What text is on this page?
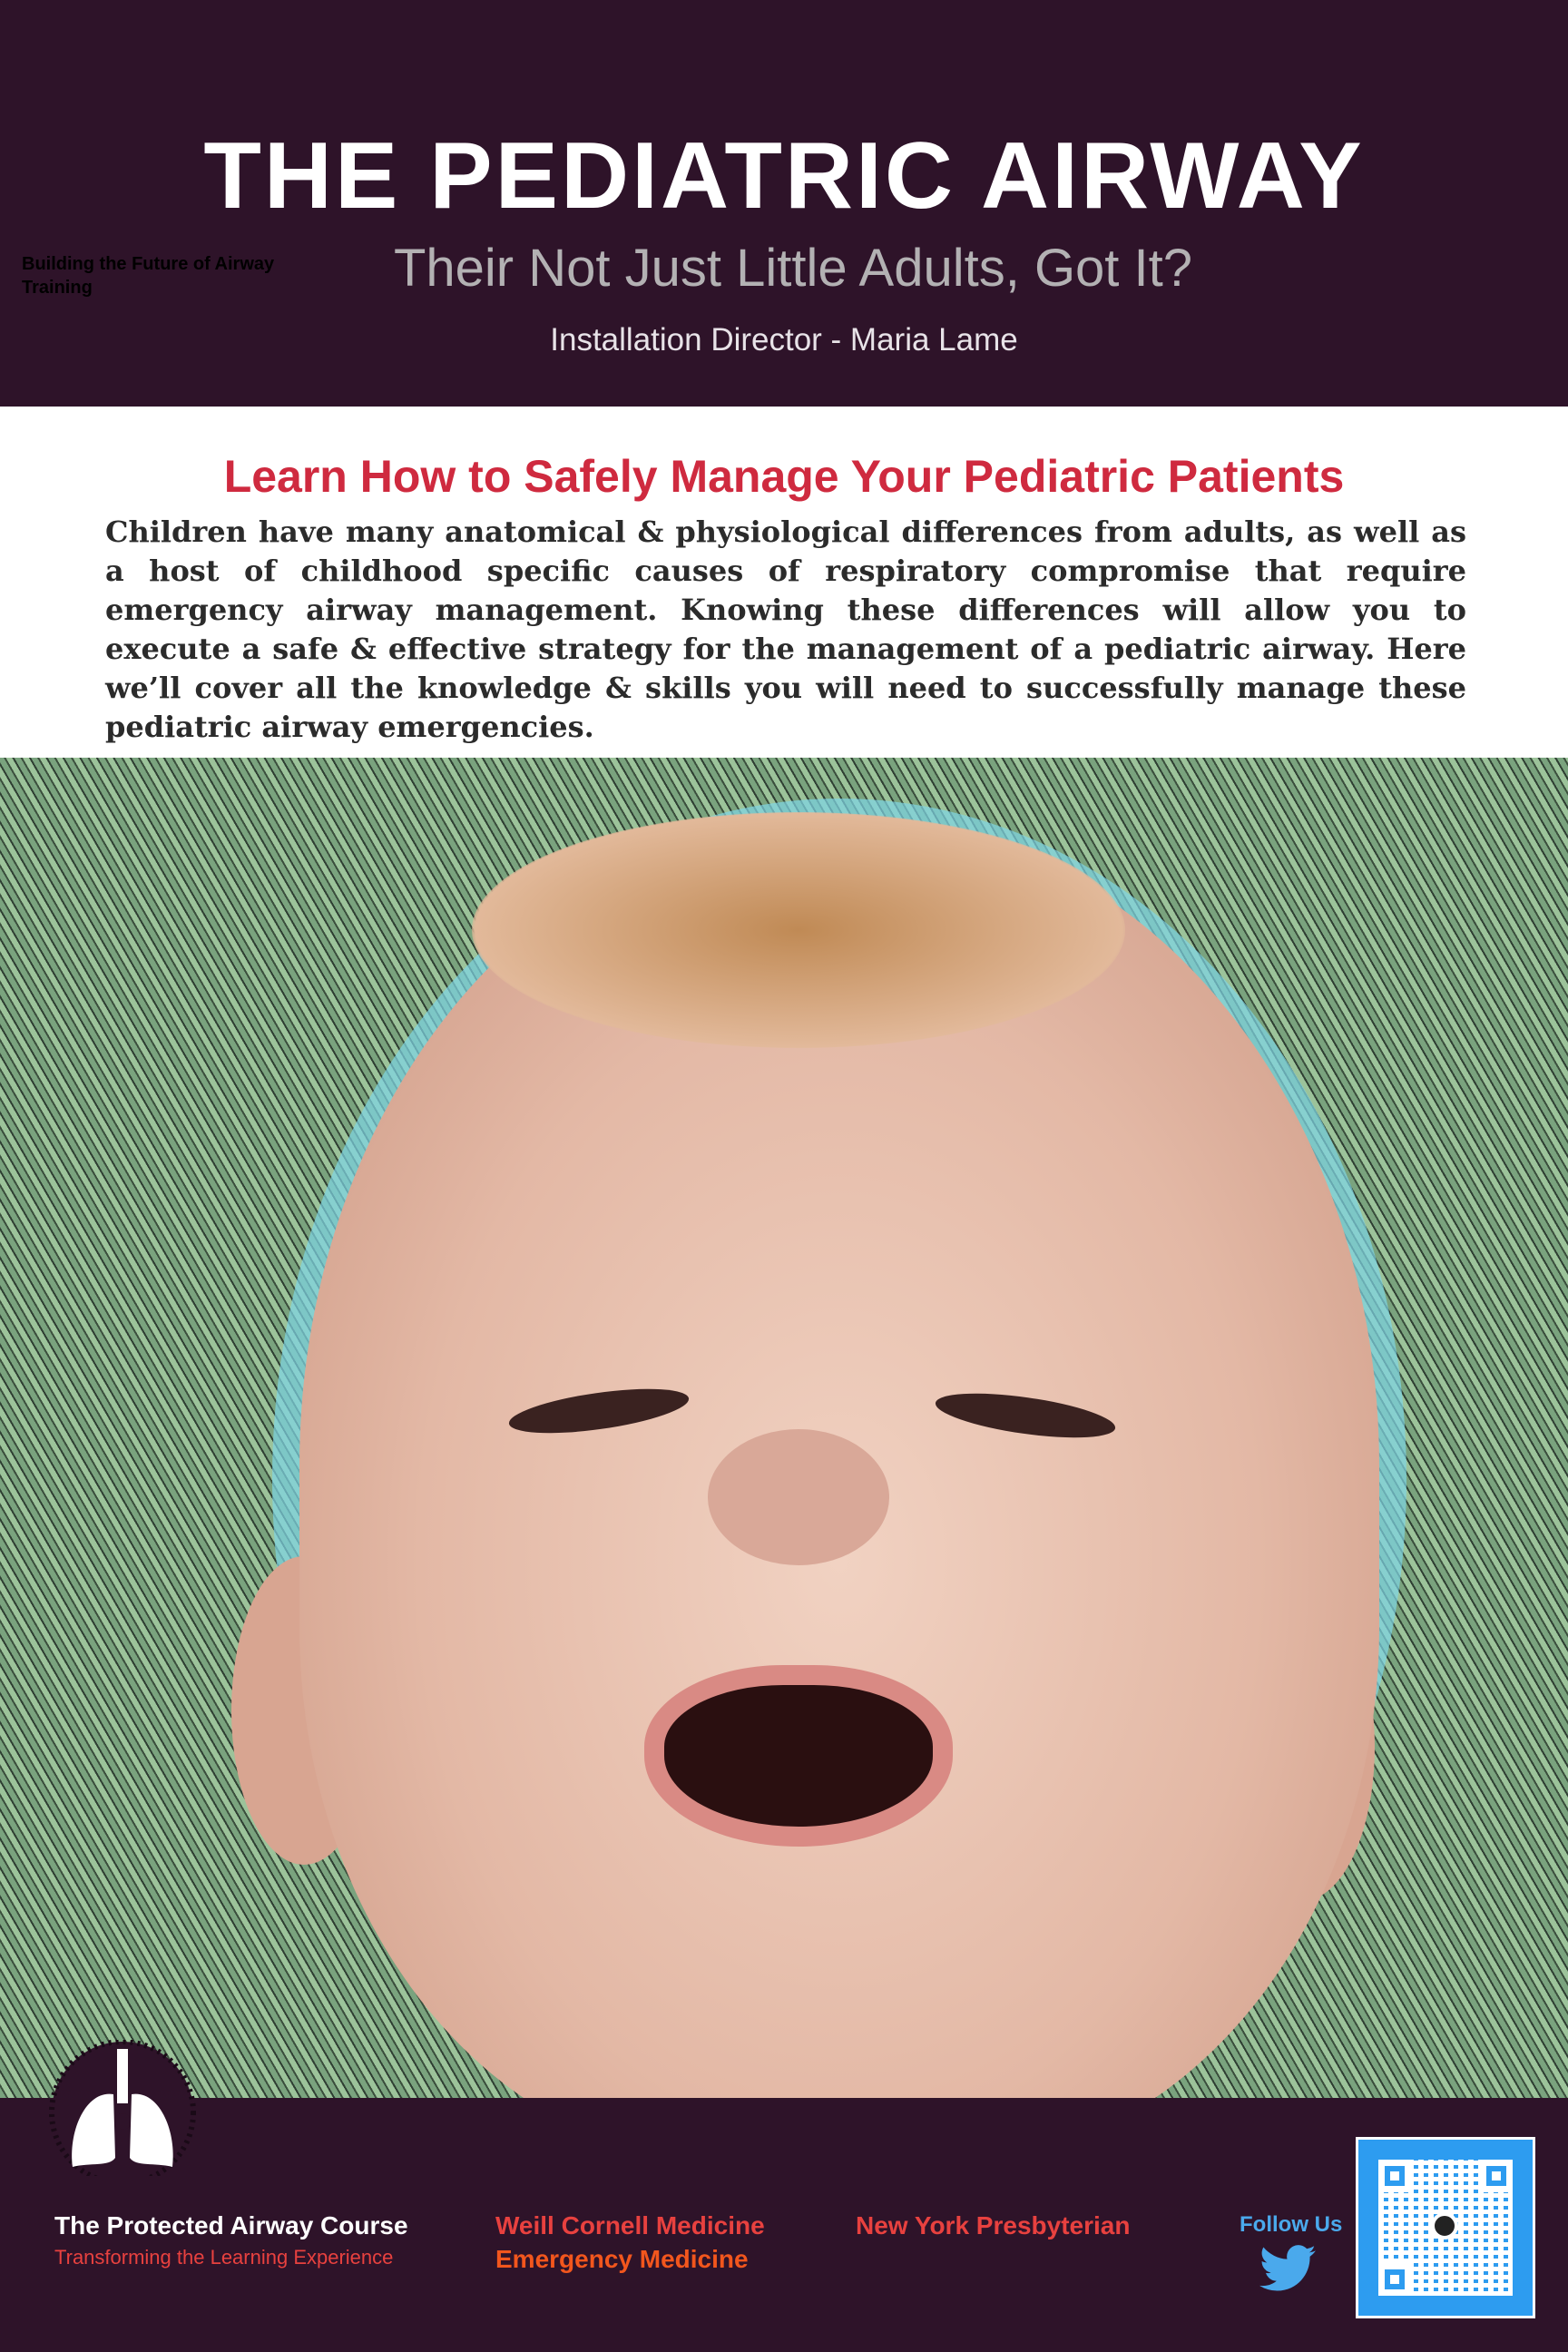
THE PEDIATRIC AIRWAY
Building the Future of Airway Training	Their Not Just Little Adults, Got It?
Installation Director - Maria Lame
Learn How to Safely Manage Your Pediatric Patients
Children have many anatomical & physiological differences from adults, as well as a host of childhood specific causes of respiratory compromise that require emergency airway management. Knowing these differences will allow you to execute a safe & effective strategy for the management of a pediatric airway. Here we’ll cover all the knowledge & skills you will need to successfully manage these pediatric airway emergencies.
The Protected Airway Course
Transforming the Learning Experience
Weill Cornell Medicine
Emergency Medicine
New York Presbyterian	Follow Us
